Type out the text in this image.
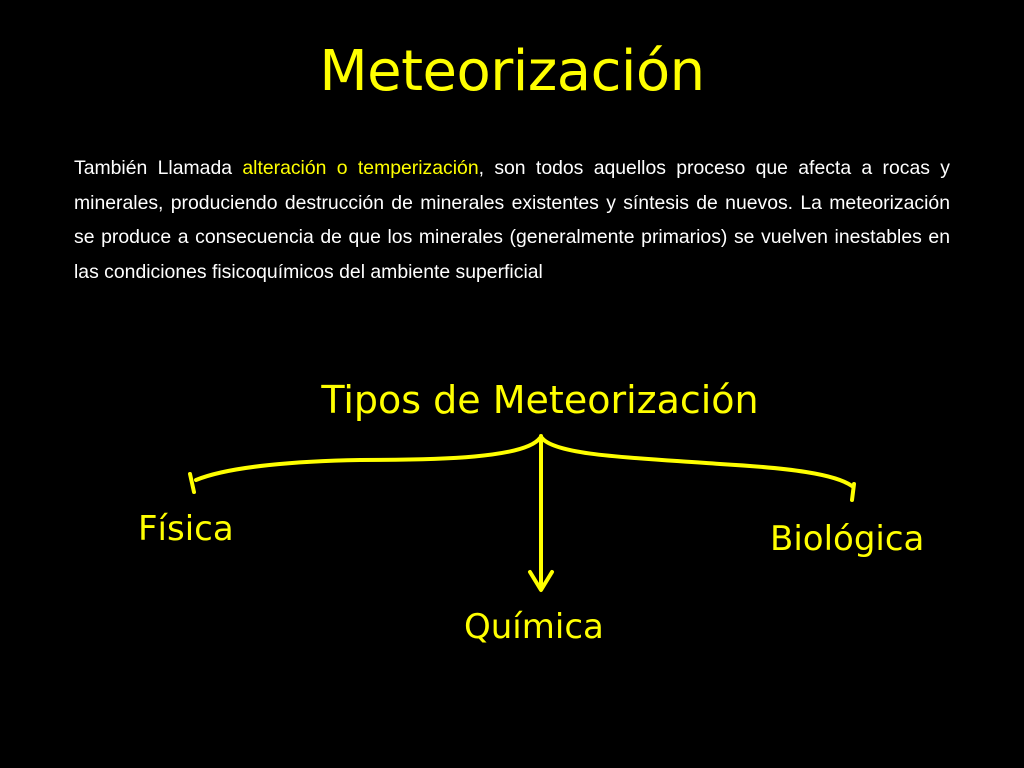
Meteorización

También Llamada alteración o temperización, son todos aquellos proceso que afecta a rocas y minerales, produciendo destrucción de minerales existentes y síntesis de nuevos. La meteorización se produce a consecuencia de que los minerales (generalmente primarios) se vuelven inestables en las condiciones fisicoquímicos del ambiente superficial

Tipos de Meteorización
Física	Biológica
Química
